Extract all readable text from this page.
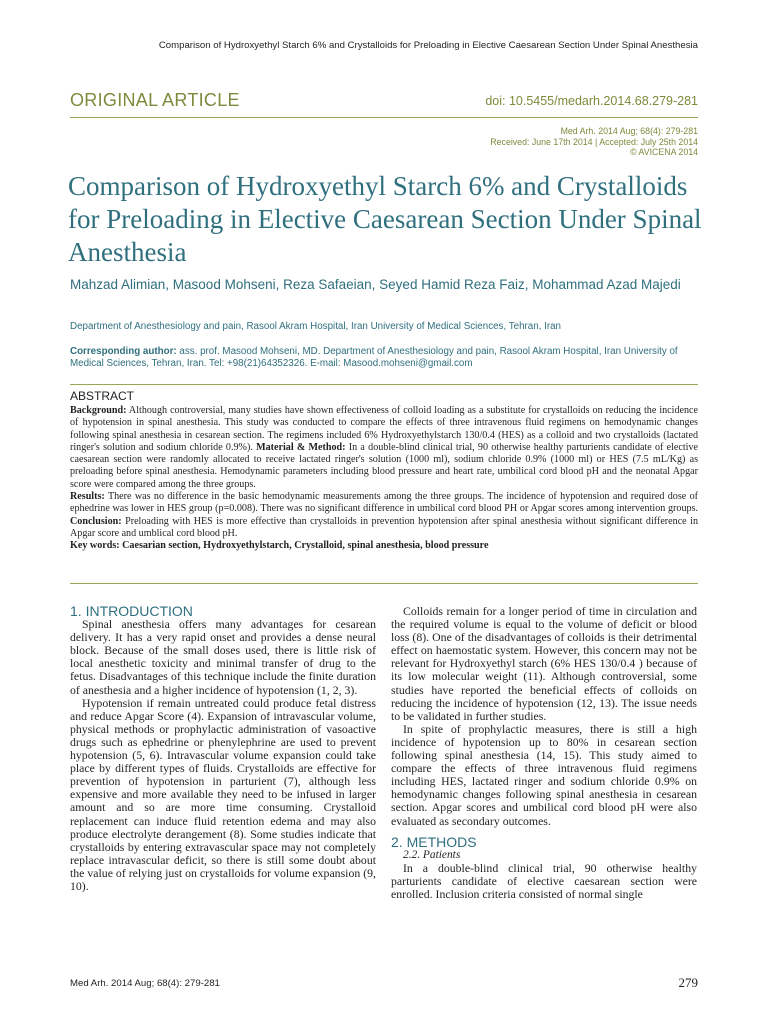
Comparison of Hydroxyethyl Starch 6% and Crystalloids for Preloading in Elective Caesarean Section Under Spinal Anesthesia
ORIGINAL ARTICLE	doi: 10.5455/medarh.2014.68.279-281
Med Arh. 2014 Aug; 68(4): 279-281
Received: June 17th 2014 | Accepted: July 25th 2014
© AVICENA 2014
Comparison of Hydroxyethyl Starch 6% and Crystalloids for Preloading in Elective Caesarean Section Under Spinal Anesthesia
Mahzad Alimian, Masood Mohseni, Reza Safaeian, Seyed Hamid Reza Faiz, Mohammad Azad Majedi
Department of Anesthesiology and pain, Rasool Akram Hospital, Iran University of Medical Sciences, Tehran, Iran
Corresponding author: ass. prof. Masood Mohseni, MD. Department of Anesthesiology and pain, Rasool Akram Hospital, Iran University of Medical Sciences, Tehran, Iran. Tel: +98(21)64352326. E-mail: Masood.mohseni@gmail.com
ABSTRACT

Background: Although controversial, many studies have shown effectiveness of colloid loading as a substitute for crystalloids on reducing the incidence of hypotension in spinal anesthesia. This study was conducted to compare the effects of three intravenous fluid regimens on hemodynamic changes following spinal anesthesia in cesarean section. The regimens included 6% Hydroxyethylstarch 130/0.4 (HES) as a colloid and two crystalloids (lactated ringer's solution and sodium chloride 0.9%). Material & Method: In a double-blind clinical trial, 90 otherwise healthy parturients candidate of elective caesarean section were randomly allocated to receive lactated ringer's solution (1000 ml), sodium chloride 0.9% (1000 ml) or HES (7.5 mL/Kg) as preloading before spinal anesthesia. Hemodynamic parameters including blood pressure and heart rate, umbilical cord blood pH and the neonatal Apgar score were compared among the three groups.

Results: There was no difference in the basic hemodynamic measurements among the three groups. The incidence of hypotension and required dose of ephedrine was lower in HES group (p=0.008). There was no significant difference in umbilical cord blood PH or Apgar scores among intervention groups. Conclusion: Preloading with HES is more effective than crystalloids in prevention hypotension after spinal anesthesia without significant difference in Apgar score and umblical cord blood pH.

Key words: Caesarian section, Hydroxyethylstarch, Crystalloid, spinal anesthesia, blood pressure

1. INTRODUCTION

Spinal anesthesia offers many advantages for cesarean delivery. It has a very rapid onset and provides a dense neural block. Because of the small doses used, there is little risk of local anesthetic toxicity and minimal transfer of drug to the fetus. Disadvantages of this technique include the finite duration of anesthesia and a higher incidence of hypotension (1, 2, 3).

Hypotension if remain untreated could produce fetal distress and reduce Apgar Score (4). Expansion of intravascular volume, physical methods or prophylactic administration of vasoactive drugs such as ephedrine or phenylephrine are used to prevent hypotension (5, 6). Intravascular volume expansion could take place by different types of fluids. Crystalloids are effective for prevention of hypotension in parturient (7), although less expensive and more available they need to be infused in larger amount and so are more time consuming. Crystalloid replacement can induce fluid retention edema and may also produce electrolyte derangement (8). Some studies indicate that crystalloids by entering extravascular space may not completely replace intravascular deficit, so there is still some doubt about the value of relying just on crystalloids for volume expansion (9, 10).

Colloids remain for a longer period of time in circulation and the required volume is equal to the volume of deficit or blood loss (8). One of the disadvantages of colloids is their detrimental effect on haemostatic system. However, this concern may not be relevant for Hydroxyethyl starch (6% HES 130/0.4 ) because of its low molecular weight (11). Although controversial, some studies have reported the beneficial effects of colloids on reducing the incidence of hypotension (12, 13). The issue needs to be validated in further studies.

In spite of prophylactic measures, there is still a high incidence of hypotension up to 80% in cesarean section following spinal anesthesia (14, 15). This study aimed to compare the effects of three intravenous fluid regimens including HES, lactated ringer and sodium chloride 0.9% on hemodynamic changes following spinal anesthesia in cesarean section. Apgar scores and umbilical cord blood pH were also evaluated as secondary outcomes.

2. METHODS

2.2. Patients

In a double-blind clinical trial, 90 otherwise healthy parturients candidate of elective caesarean section were enrolled. Inclusion criteria consisted of normal single

Med Arh. 2014 Aug; 68(4): 279-281	279
